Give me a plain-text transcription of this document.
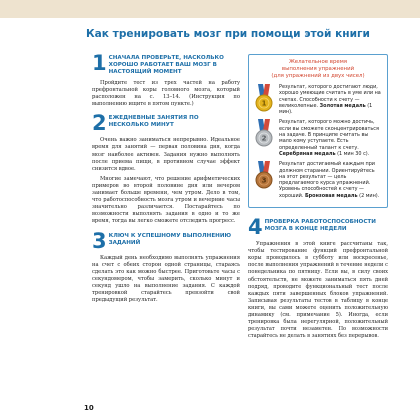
Как тренировать мозг при помощи этой книги
1 СНАЧАЛА ПРОВЕРЬТЕ, НАСКОЛЬКО ХОРОШО РАБОТАЕТ ВАШ МОЗГ В НАСТОЯЩИЙ МОМЕНТ

Пройдите тест из трех частей на работу префронтальной коры головного мозга, который расположен на с. 13–14. (Инструкция по выполнению ищите в пятом пункте.)

2 ЕЖЕДНЕВНЫЕ ЗАНЯТИЯ ПО НЕСКОЛЬКО МИНУТ

Очень важно заниматься непрерывно. Идеальное время для занятий — первая половина дня, когда мозг наиболее активен. Задания нужно выполнять после приема пищи, в противном случае эффект снизится вдвое.

Многие замечают, что решение арифметических примеров во второй половине дня или вечером занимает больше времени, чем утром. Дело в том, что работоспособность мозга утром и вечерние часы значительно различается. Постарайтесь по возможности выполнять задания в одно и то же время, тогда вы легко сможете отследить прогресс.

3 КЛЮЧ К УСПЕШНОМУ ВЫПОЛНЕНИЮ ЗАДАНИЙ

Каждый день необходимо выполнять упражнения на счет с обеих сторон одной страницы, стараясь сделать это как можно быстрее. Приготовьте часы с секундомером, чтобы замерить, сколько минут и секунд ушло на выполнение задания. С каждой тренировкой старайтесь превзойти свой предыдущий результат.

Желательное время
выполнения упражнений
(для упражнений из двух чисел)
1
Результат, которого достигают люди, хорошо умеющие считать в уме или на счетах. Способности к счету — великолепные. Золотая медаль (1 мин).
2
Результат, которого можно достичь, если вы сможете сконцентрироваться на задаче. В принципе считать вы мало кому уступаете. Есть определенный талант к счету. Серебряная медаль (1 мин 30 с).
3
Результат достигаемый каждым при должном старании. Ориентируйтесь на этот результат — цель предлагаемого курса упражнений. Уровень способностей к счету — хороший. Бронзовая медаль (2 мин).
4 ПРОВЕРКА РАБОТОСПОСОБНОСТИ МОЗГА В КОНЦЕ НЕДЕЛИ

Упражнения в этой книге рассчитаны так, чтобы тестирование функций префронтальной коры проводилось в субботу или воскресенье, после выполнения упражнений в течение недели с понедельника по пятницу. Если вы, в силу своих обстоятельств, не можете заниматься пять дней подряд, проводите функциональный тест после каждых пяти завершенных блоков упражнений. Записывая результаты тестов в таблицу в конце книги, вы сами можете оценить положительную динамику (см. примечание 5). Иногда, если тренировка была нерегулярной, положительный результат почти незаметен. По возможности старайтесь не делать в занятиях без перерывов.

10
